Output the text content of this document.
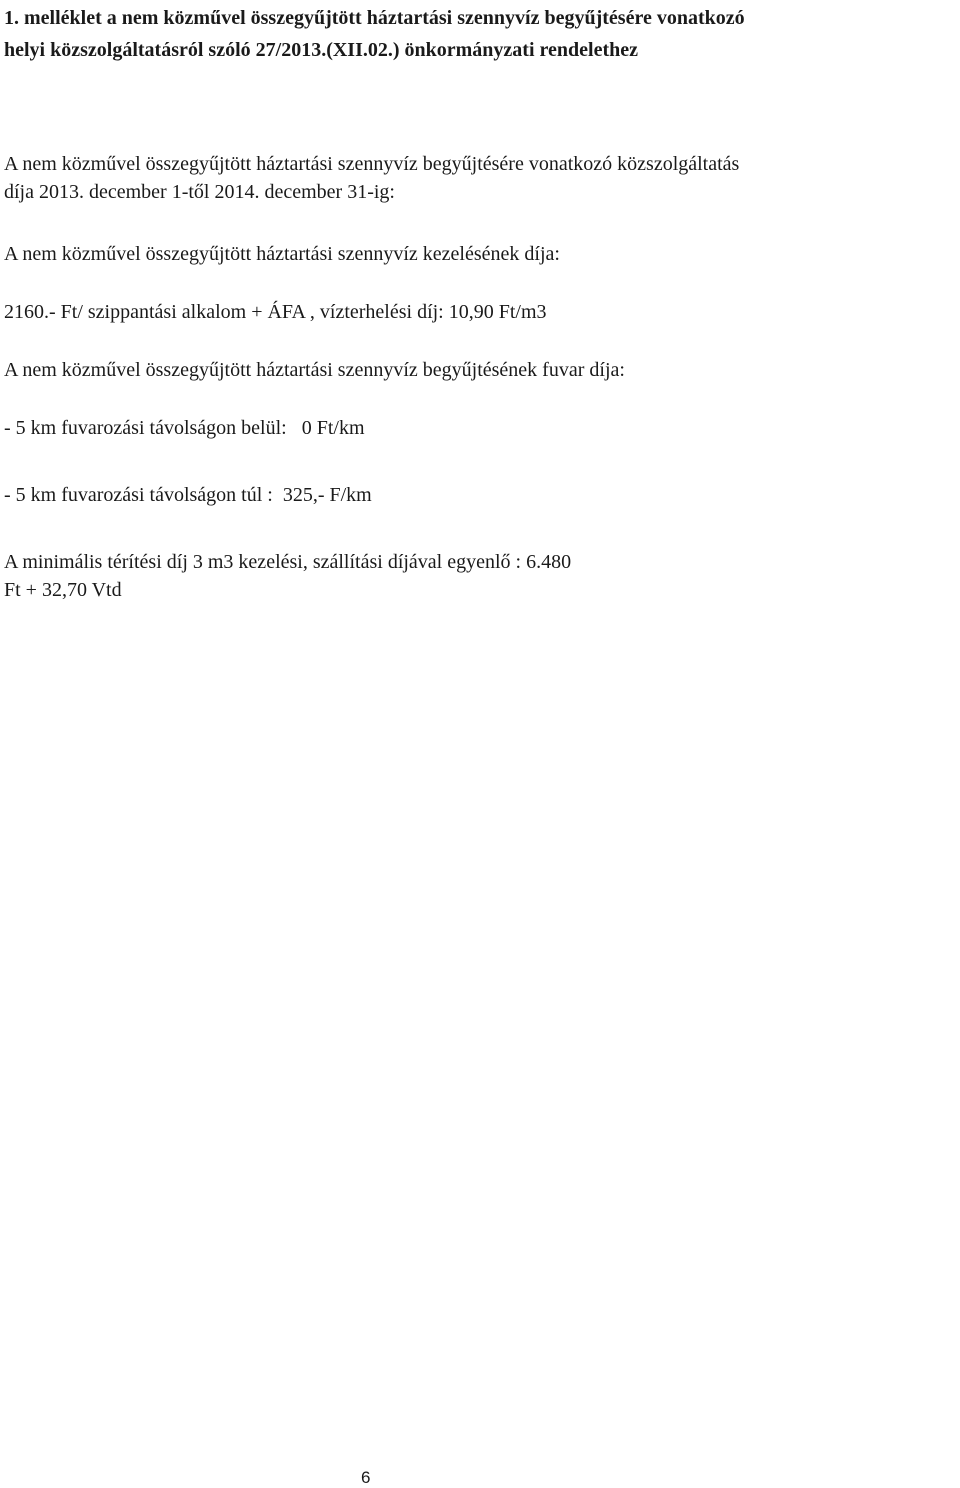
1. melléklet a nem közművel összegyűjtött háztartási szennyvíz begyűjtésére vonatkozó
helyi közszolgáltatásról szóló 27/2013.(XII.02.) önkormányzati rendelethez
A nem közművel összegyűjtött háztartási szennyvíz begyűjtésére vonatkozó közszolgáltatás
díja 2013. december 1-től 2014. december 31-ig:
A nem közművel összegyűjtött háztartási szennyvíz kezelésének díja:
2160.- Ft/ szippantási alkalom + ÁFA , vízterhelési díj: 10,90 Ft/m3
A nem közművel összegyűjtött háztartási szennyvíz begyűjtésének fuvar díja:
- 5 km fuvarozási távolságon belül:   0 Ft/km
- 5 km fuvarozási távolságon túl :  325,- F/km
A minimális térítési díj 3 m3 kezelési, szállítási díjával egyenlő : 6.480
Ft + 32,70 Vtd
6
